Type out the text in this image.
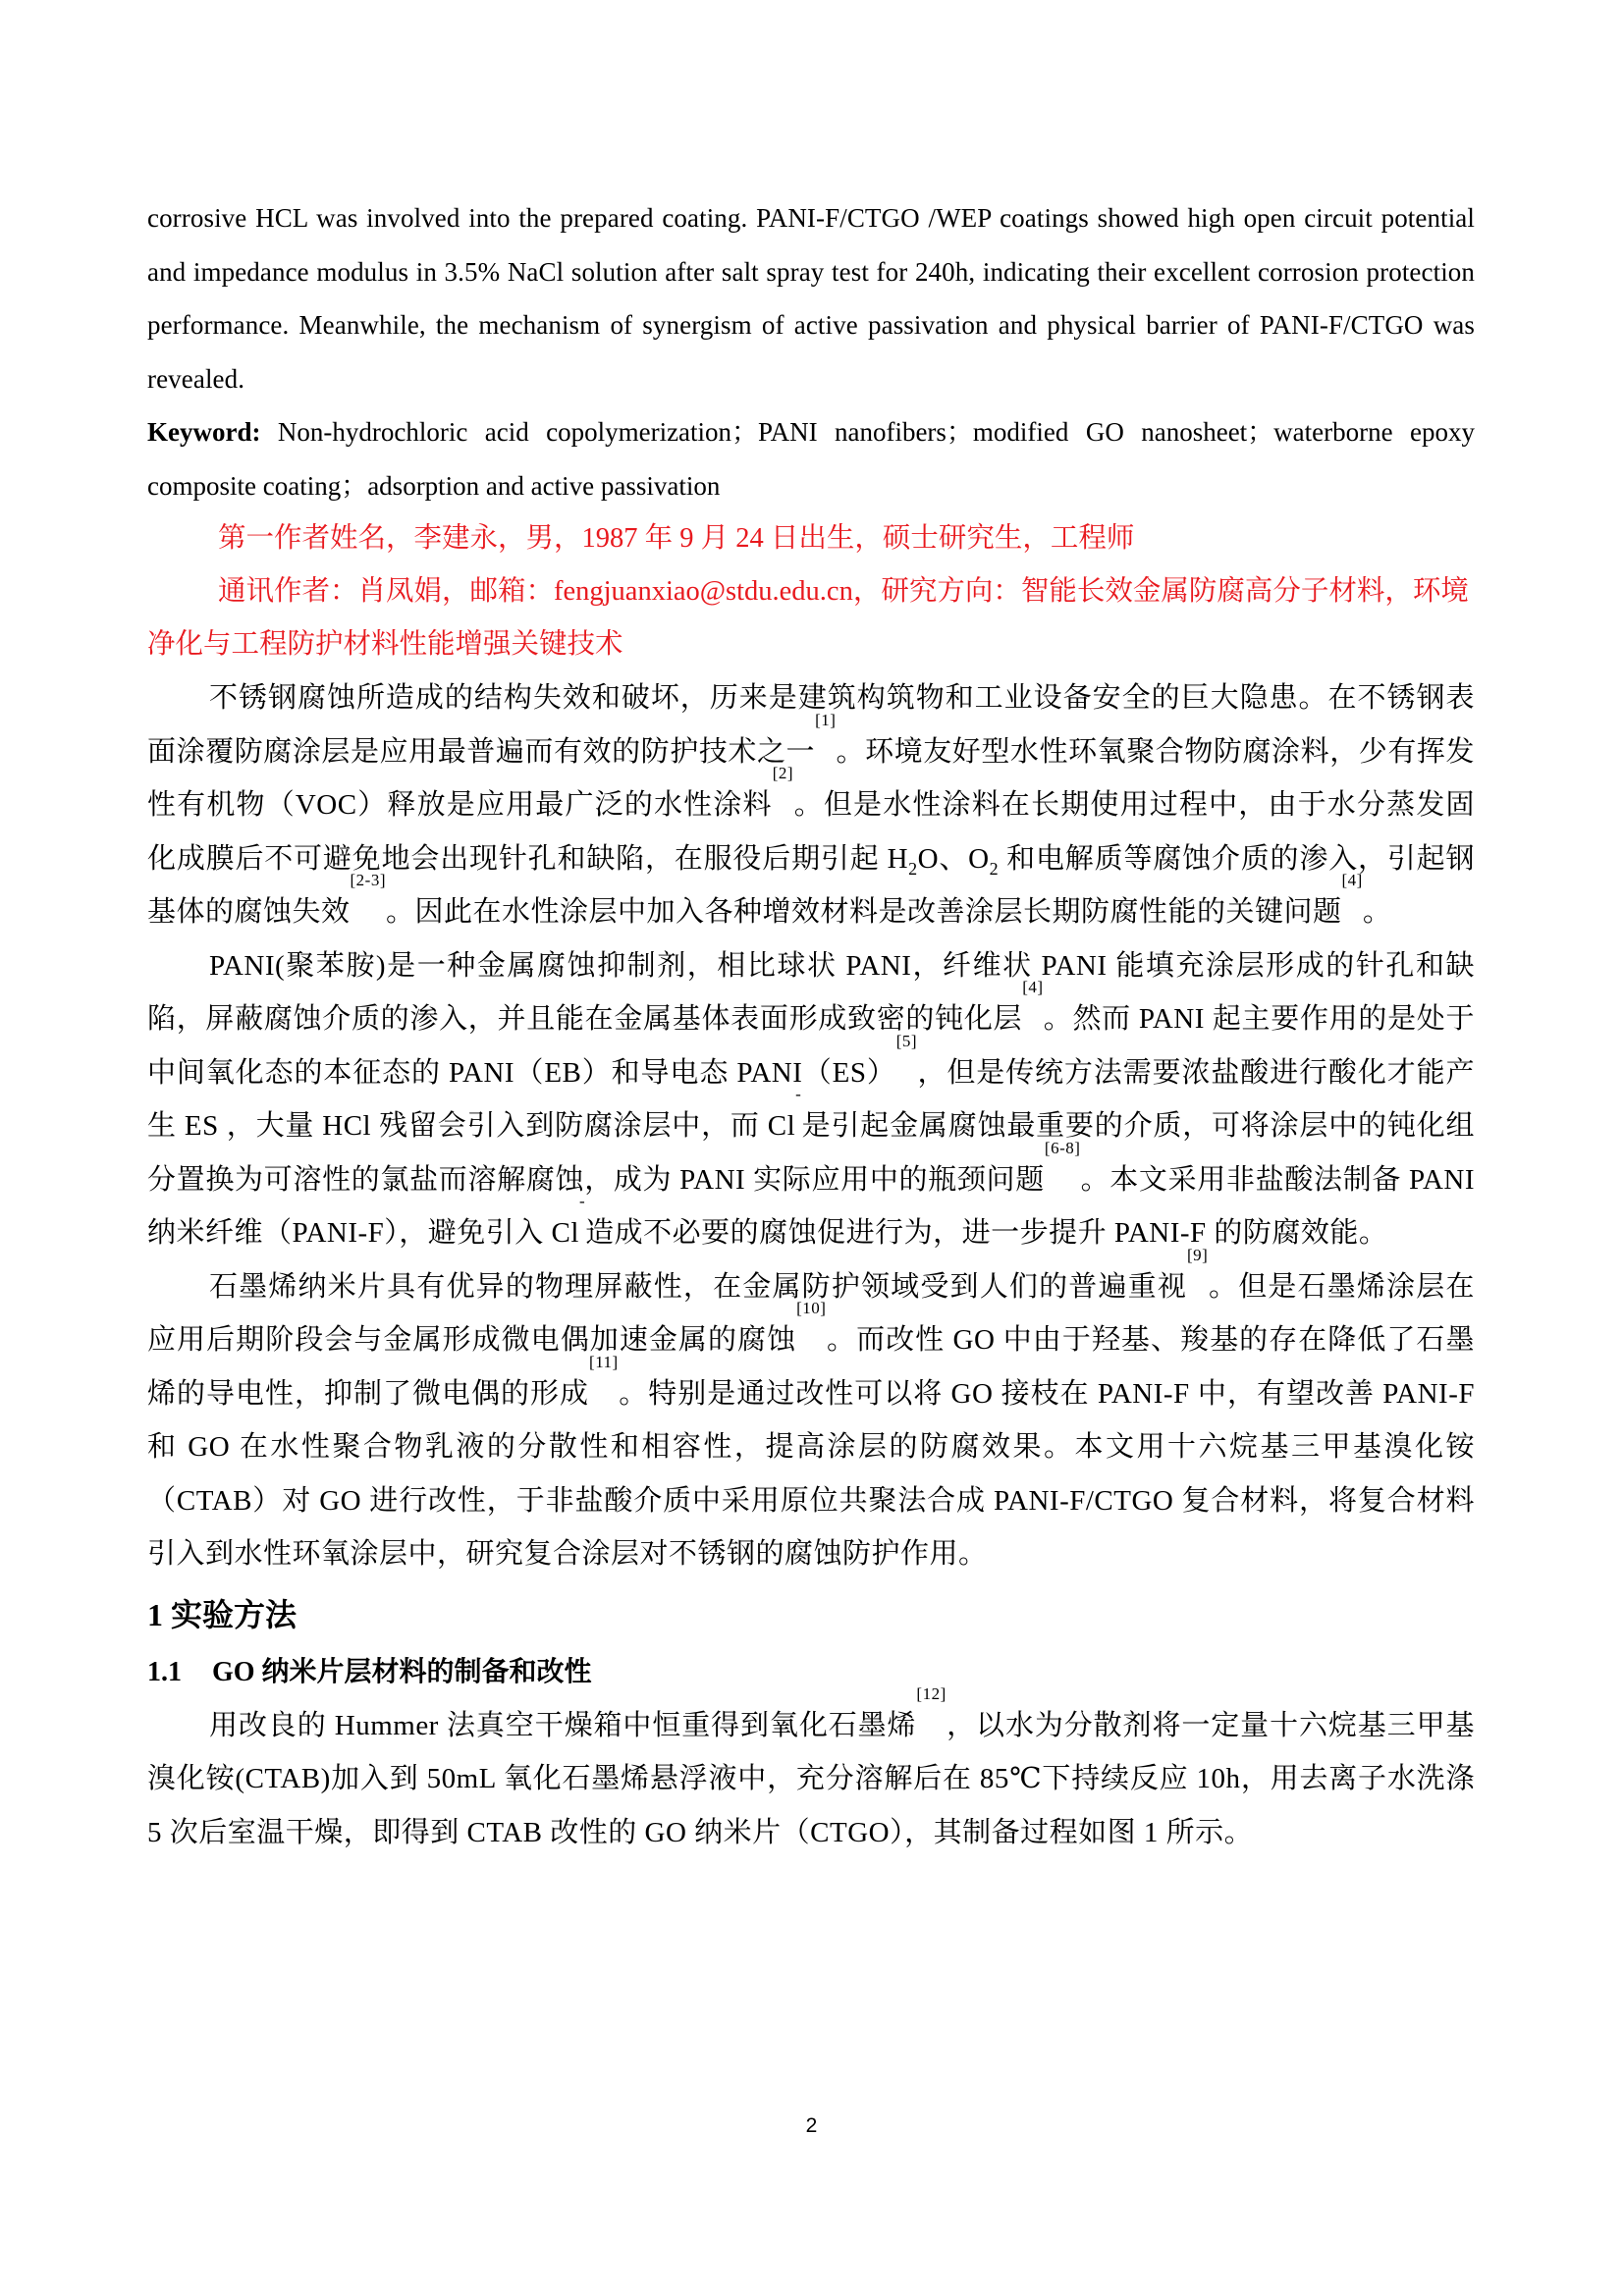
corrosive HCL was involved into the prepared coating. PANI-F/CTGO /WEP coatings showed high open circuit potential and impedance modulus in 3.5% NaCl solution after salt spray test for 240h, indicating their excellent corrosion protection performance. Meanwhile, the mechanism of synergism of active passivation and physical barrier of PANI-F/CTGO was revealed.

Keyword: Non-hydrochloric acid copolymerization；PANI nanofibers；modified GO nanosheet；waterborne epoxy composite coating；adsorption and active passivation

第一作者姓名，李建永，男，1987 年 9 月 24 日出生，硕士研究生，工程师

通讯作者：肖凤娟，邮箱：fengjuanxiao@stdu.edu.cn，研究方向：智能长效金属防腐高分子材料，环境净化与工程防护材料性能增强关键技术

不锈钢腐蚀所造成的结构失效和破坏，历来是建筑构筑物和工业设备安全的巨大隐患。在不锈钢表面涂覆防腐涂层是应用最普遍而有效的防护技术之一[1]。环境友好型水性环氧聚合物防腐涂料，少有挥发性有机物（VOC）释放是应用最广泛的水性涂料[2]。但是水性涂料在长期使用过程中，由于水分蒸发固化成膜后不可避免地会出现针孔和缺陷，在服役后期引起 $H_2O$、$O_2$ 和电解质等腐蚀介质的渗入，引起钢基体的腐蚀失效[2-3]。因此在水性涂层中加入各种增效材料是改善涂层长期防腐性能的关键问题[4]。

PANI(聚苯胺)是一种金属腐蚀抑制剂，相比球状 PANI，纤维状 PANI 能填充涂层形成的针孔和缺陷，屏蔽腐蚀介质的渗入，并且能在金属基体表面形成致密的钝化层[4]。然而 PANI 起主要作用的是处于中间氧化态的本征态的 PANI（EB）和导电态 PANI（ES）[5]，但是传统方法需要浓盐酸进行酸化才能产生 ES ，大量 HCl 残留会引入到防腐涂层中，而 Cl-是引起金属腐蚀最重要的介质，可将涂层中的钝化组分置换为可溶性的氯盐而溶解腐蚀，成为 PANI 实际应用中的瓶颈问题[6-8]。本文采用非盐酸法制备 PANI 纳米纤维（PANI-F），避免引入 Cl-造成不必要的腐蚀促进行为，进一步提升 PANI-F 的防腐效能。

石墨烯纳米片具有优异的物理屏蔽性，在金属防护领域受到人们的普遍重视[9]。但是石墨烯涂层在应用后期阶段会与金属形成微电偶加速金属的腐蚀[10]。而改性 GO 中由于羟基、羧基的存在降低了石墨烯的导电性，抑制了微电偶的形成[11]。特别是通过改性可以将 GO 接枝在 PANI-F 中，有望改善 PANI-F 和 GO 在水性聚合物乳液的分散性和相容性，提高涂层的防腐效果。本文用十六烷基三甲基溴化铵（CTAB）对 GO 进行改性，于非盐酸介质中采用原位共聚法合成 PANI-F/CTGO 复合材料，将复合材料引入到水性环氧涂层中，研究复合涂层对不锈钢的腐蚀防护作用。

1 实验方法
1.1 GO 纳米片层材料的制备和改性

用改良的 Hummer 法真空干燥箱中恒重得到氧化石墨烯[12]，以水为分散剂将一定量十六烷基三甲基溴化铵(CTAB)加入到 50mL 氧化石墨烯悬浮液中，充分溶解后在 85℃下持续反应 10h，用去离子水洗涤 5 次后室温干燥，即得到 CTAB 改性的 GO 纳米片（CTGO），其制备过程如图 1 所示。

2
